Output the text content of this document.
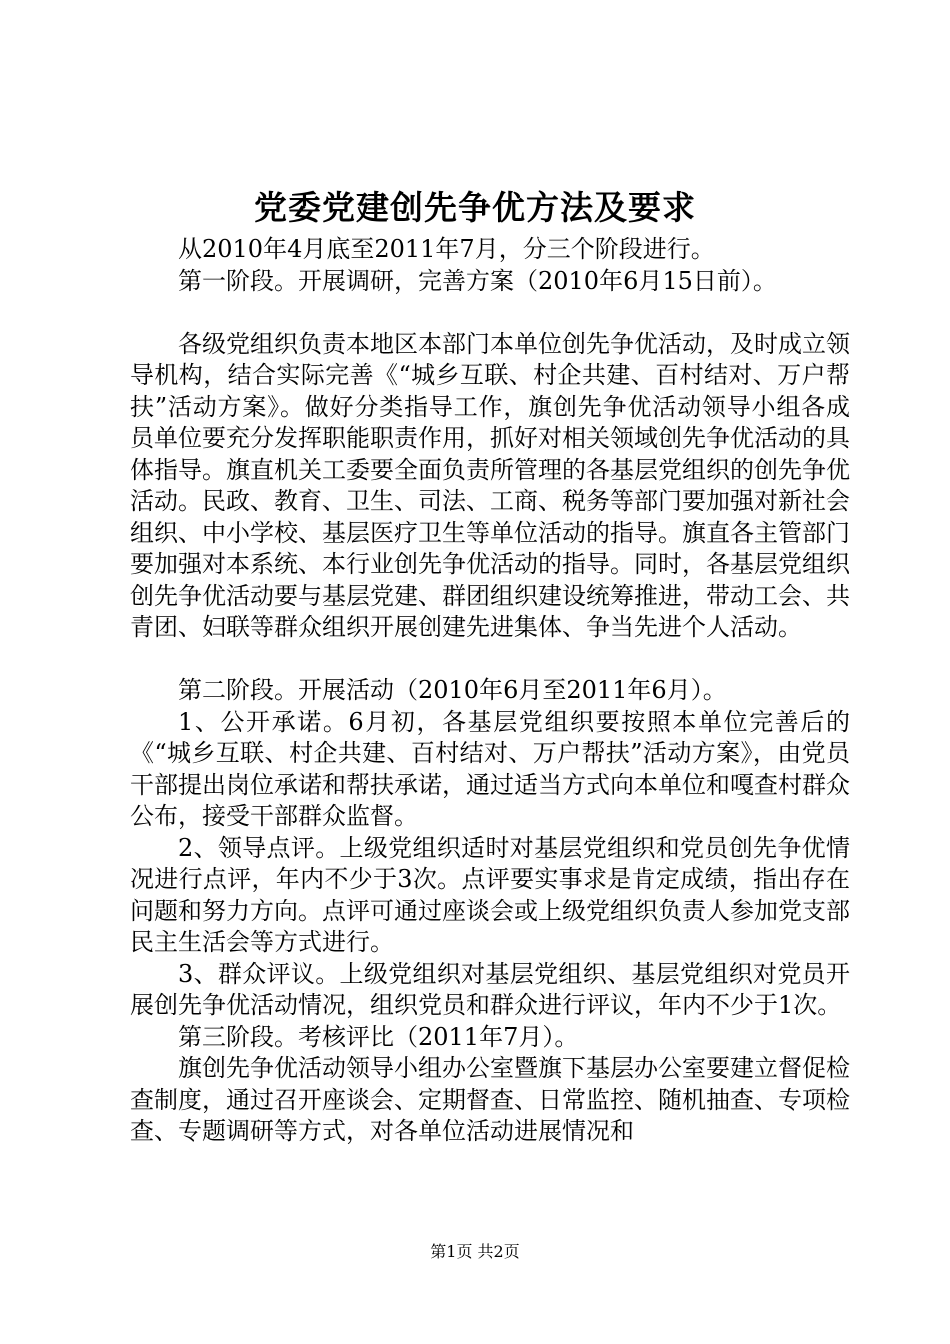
党委党建创先争优方法及要求

从2010年4月底至2011年7月，分三个阶段进行。

第一阶段。开展调研，完善方案（2010年6月15日前）。

各级党组织负责本地区本部门本单位创先争优活动，及时成立领导机构，结合实际完善《“城乡互联、村企共建、百村结对、万户帮扶”活动方案》。做好分类指导工作，旗创先争优活动领导小组各成员单位要充分发挥职能职责作用，抓好对相关领域创先争优活动的具体指导。旗直机关工委要全面负责所管理的各基层党组织的创先争优活动。民政、教育、卫生、司法、工商、税务等部门要加强对新社会组织、中小学校、基层医疗卫生等单位活动的指导。旗直各主管部门要加强对本系统、本行业创先争优活动的指导。同时，各基层党组织创先争优活动要与基层党建、群团组织建设统筹推进，带动工会、共青团、妇联等群众组织开展创建先进集体、争当先进个人活动。

第二阶段。开展活动（2010年6月至2011年6月）。

1、公开承诺。6月初，各基层党组织要按照本单位完善后的《“城乡互联、村企共建、百村结对、万户帮扶”活动方案》，由党员干部提出岗位承诺和帮扶承诺，通过适当方式向本单位和嘎查村群众公布，接受干部群众监督。

2、领导点评。上级党组织适时对基层党组织和党员创先争优情况进行点评，年内不少于3次。点评要实事求是肯定成绩，指出存在问题和努力方向。点评可通过座谈会或上级党组织负责人参加党支部民主生活会等方式进行。

3、群众评议。上级党组织对基层党组织、基层党组织对党员开展创先争优活动情况，组织党员和群众进行评议，年内不少于1次。

第三阶段。考核评比（2011年7月）。

旗创先争优活动领导小组办公室暨旗下基层办公室要建立督促检查制度，通过召开座谈会、定期督查、日常监控、随机抽查、专项检查、专题调研等方式，对各单位活动进展情况和

第1页 共2页
